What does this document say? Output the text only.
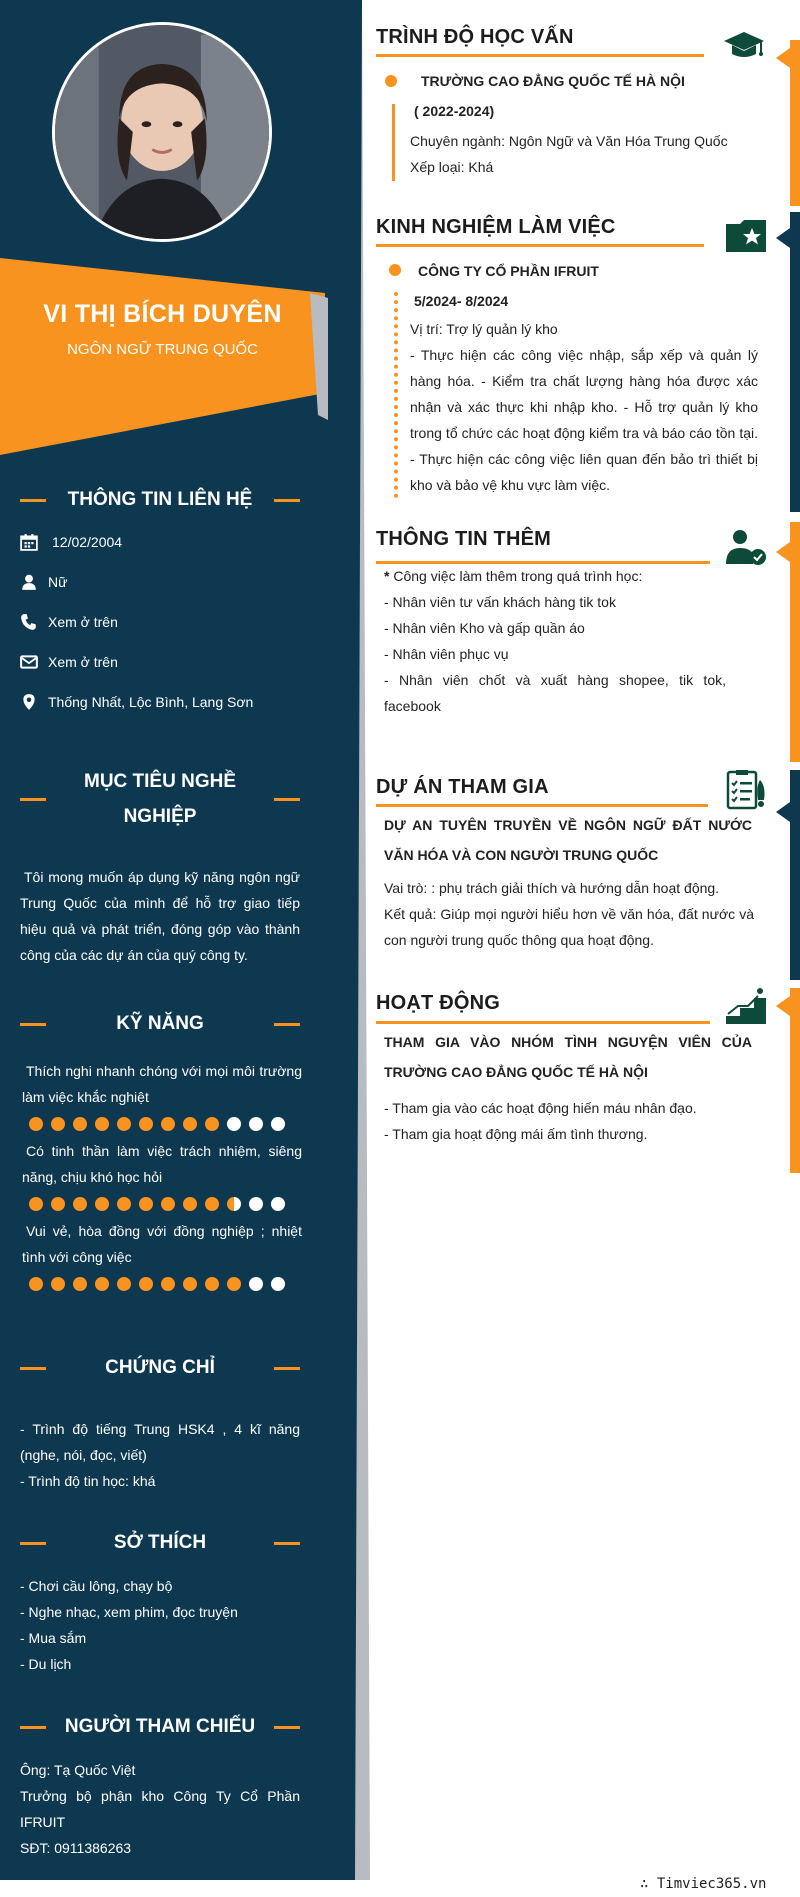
VI THỊ BÍCH DUYÊN
NGÔN NGỮ TRUNG QUỐC
THÔNG TIN LIÊN HỆ
12/02/2004
Nữ
Xem ở trên
Xem ở trên
Thống Nhất, Lộc Bình, Lạng Sơn
MỤC TIÊU NGHỀ
NGHIỆP
Tôi mong muốn áp dụng kỹ năng ngôn ngữ Trung Quốc của mình để hỗ trợ giao tiếp hiệu quả và phát triển, đóng góp vào thành công của các dự án của quý công ty.
KỸ NĂNG
Thích nghi nhanh chóng với mọi môi trường làm việc khắc nghiệt
Có tinh thần làm việc trách nhiệm, siêng năng, chịu khó học hỏi
Vui vẻ, hòa đồng với đồng nghiệp ; nhiệt tình với công việc
CHỨNG CHỈ
- Trình độ tiếng Trung HSK4 , 4 kĩ năng (nghe, nói, đọc, viết)
- Trình độ tin học: khá
SỞ THÍCH
- Chơi cầu lông, chạy bộ
- Nghe nhạc, xem phim, đọc truyện
- Mua sắm
- Du lịch
NGƯỜI THAM CHIẾU
Ông: Tạ Quốc Việt
Trưởng bộ phận kho Công Ty Cổ Phần IFRUIT
SĐT: 0911386263
TRÌNH ĐỘ HỌC VẤN
TRƯỜNG CAO ĐẲNG QUỐC TẾ HÀ NỘI
( 2022-2024)
Chuyên ngành: Ngôn Ngữ và Văn Hóa Trung Quốc
Xếp loại: Khá
KINH NGHIỆM LÀM VIỆC
CÔNG TY CỔ PHẦN IFRUIT
5/2024- 8/2024
Vị trí: Trợ lý quản lý kho
- Thực hiện các công việc nhập, sắp xếp và quản lý hàng hóa. - Kiểm tra chất lượng hàng hóa được xác nhận và xác thực khi nhập kho. - Hỗ trợ quản lý kho trong tổ chức các hoạt động kiểm tra và báo cáo tồn tại. - Thực hiện các công việc liên quan đến bảo trì thiết bị kho và bảo vệ khu vực làm việc.
THÔNG TIN THÊM
* Công việc làm thêm trong quá trình học:
- Nhân viên tư vấn khách hàng tik tok
- Nhân viên Kho và gấp quần áo
- Nhân viên phục vụ
- Nhân viên chốt và xuất hàng shopee, tik tok, facebook
DỰ ÁN THAM GIA
DỰ AN TUYÊN TRUYỀN VỀ NGÔN NGỮ ĐẤT NƯỚC VĂN HÓA VÀ CON NGƯỜI TRUNG QUỐC
Vai trò: : phụ trách giải thích và hướng dẫn hoạt động.
Kết quả: Giúp mọi người hiểu hơn về văn hóa, đất nước và con người trung quốc thông qua hoạt động.
HOẠT ĐỘNG
THAM GIA VÀO NHÓM TÌNH NGUYỆN VIÊN CỦA TRƯỜNG CAO ĐẲNG QUỐC TẾ HÀ NỘI
- Tham gia vào các hoạt động hiến máu nhân đạo.
- Tham gia hoạt động mái ấm tình thương.
∴ Timviec365.vn
